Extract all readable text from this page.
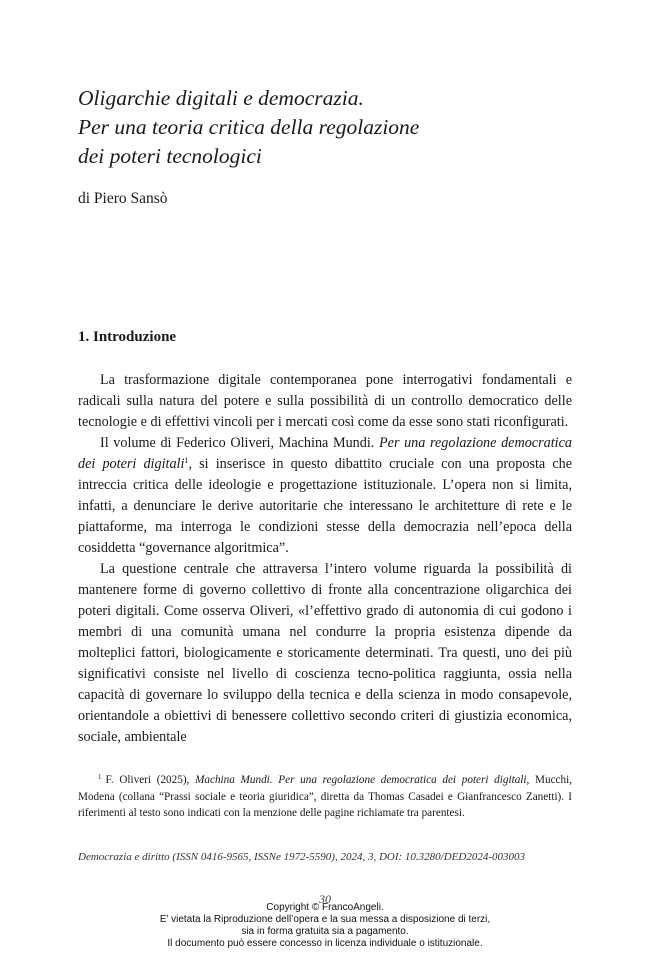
Oligarchie digitali e democrazia.
Per una teoria critica della regolazione
dei poteri tecnologici
di Piero Sansò
1. Introduzione

La trasformazione digitale contemporanea pone interrogativi fondamentali e radicali sulla natura del potere e sulla possibilità di un controllo democratico delle tecnologie e di effettivi vincoli per i mercati così come da esse sono stati riconfigurati.

Il volume di Federico Oliveri, Machina Mundi. Per una regolazione democratica dei poteri digitali$^1$, si inserisce in questo dibattito cruciale con una proposta che intreccia critica delle ideologie e progettazione istituzionale. L’opera non si limita, infatti, a denunciare le derive autoritarie che interessano le architetture di rete e le piattaforme, ma interroga le condizioni stesse della democrazia nell’epoca della cosiddetta “governance algoritmica”.

La questione centrale che attraversa l’intero volume riguarda la possibilità di mantenere forme di governo collettivo di fronte alla concentrazione oligarchica dei poteri digitali. Come osserva Oliveri, «l’effettivo grado di autonomia di cui godono i membri di una comunità umana nel condurre la propria esistenza dipende da molteplici fattori, biologicamente e storicamente determinati. Tra questi, uno dei più significativi consiste nel livello di coscienza tecno-politica raggiunta, ossia nella capacità di governare lo sviluppo della tecnica e della scienza in modo consapevole, orientandole a obiettivi di benessere collettivo secondo criteri di giustizia economica, sociale, ambientale

$^1$ F. Oliveri (2025), Machina Mundi. Per una regolazione democratica dei poteri digitali, Mucchi, Modena (collana “Prassi sociale e teoria giuridica”, diretta da Thomas Casadei e Gianfrancesco Zanetti). I riferimenti al testo sono indicati con la menzione delle pagine richiamate tra parentesi.
Democrazia e diritto (ISSN 0416-9565, ISSNe 1972-5590), 2024, 3, DOI: 10.3280/DED2024-003003
30
Copyright © FrancoAngeli.
E’ vietata la Riproduzione dell’opera e la sua messa a disposizione di terzi,
sia in forma gratuita sia a pagamento.
Il documento può essere concesso in licenza individuale o istituzionale.
